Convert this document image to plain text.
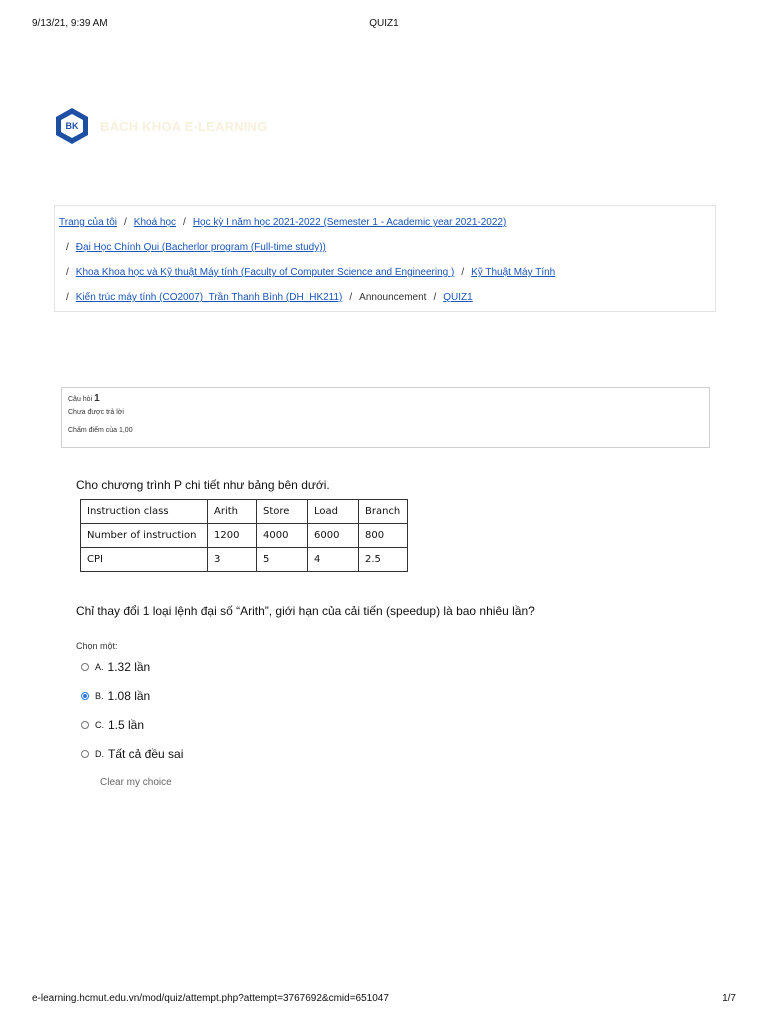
9/13/21, 9:39 AM	QUIZ1
BK BÁCH KHOA E-LEARNING
Trang của tôi / Khoá học / Học kỳ I năm học 2021-2022 (Semester 1 - Academic year 2021-2022)
/ Đại Học Chính Qui (Bacherlor program (Full-time study))
/ Khoa Khoa học và Kỹ thuật Máy tính (Faculty of Computer Science and Engineering ) / Kỹ Thuật Máy Tính
/ Kiến trúc máy tính (CO2007)_Trần Thanh Bình (DH_HK211) / Announcement / QUIZ1
Câu hỏi 1
Chưa được trả lời
Chấm điểm của 1,00
Cho chương trình P chi tiết như bảng bên dưới.
Instruction class	Arith	Store	Load	Branch
Number of instruction	1200	4000	6000	800
CPI	3	5	4	2.5
Chỉ thay đổi 1 loại lệnh đại số “Arith”, giới hạn của cải tiến (speedup) là bao nhiêu lần?
Chọn một:
A. 1.32 lần
B. 1.08 lần
C. 1.5 lần
D. Tất cả đều sai
Clear my choice
e-learning.hcmut.edu.vn/mod/quiz/attempt.php?attempt=3767692&cmid=651047	1/7
